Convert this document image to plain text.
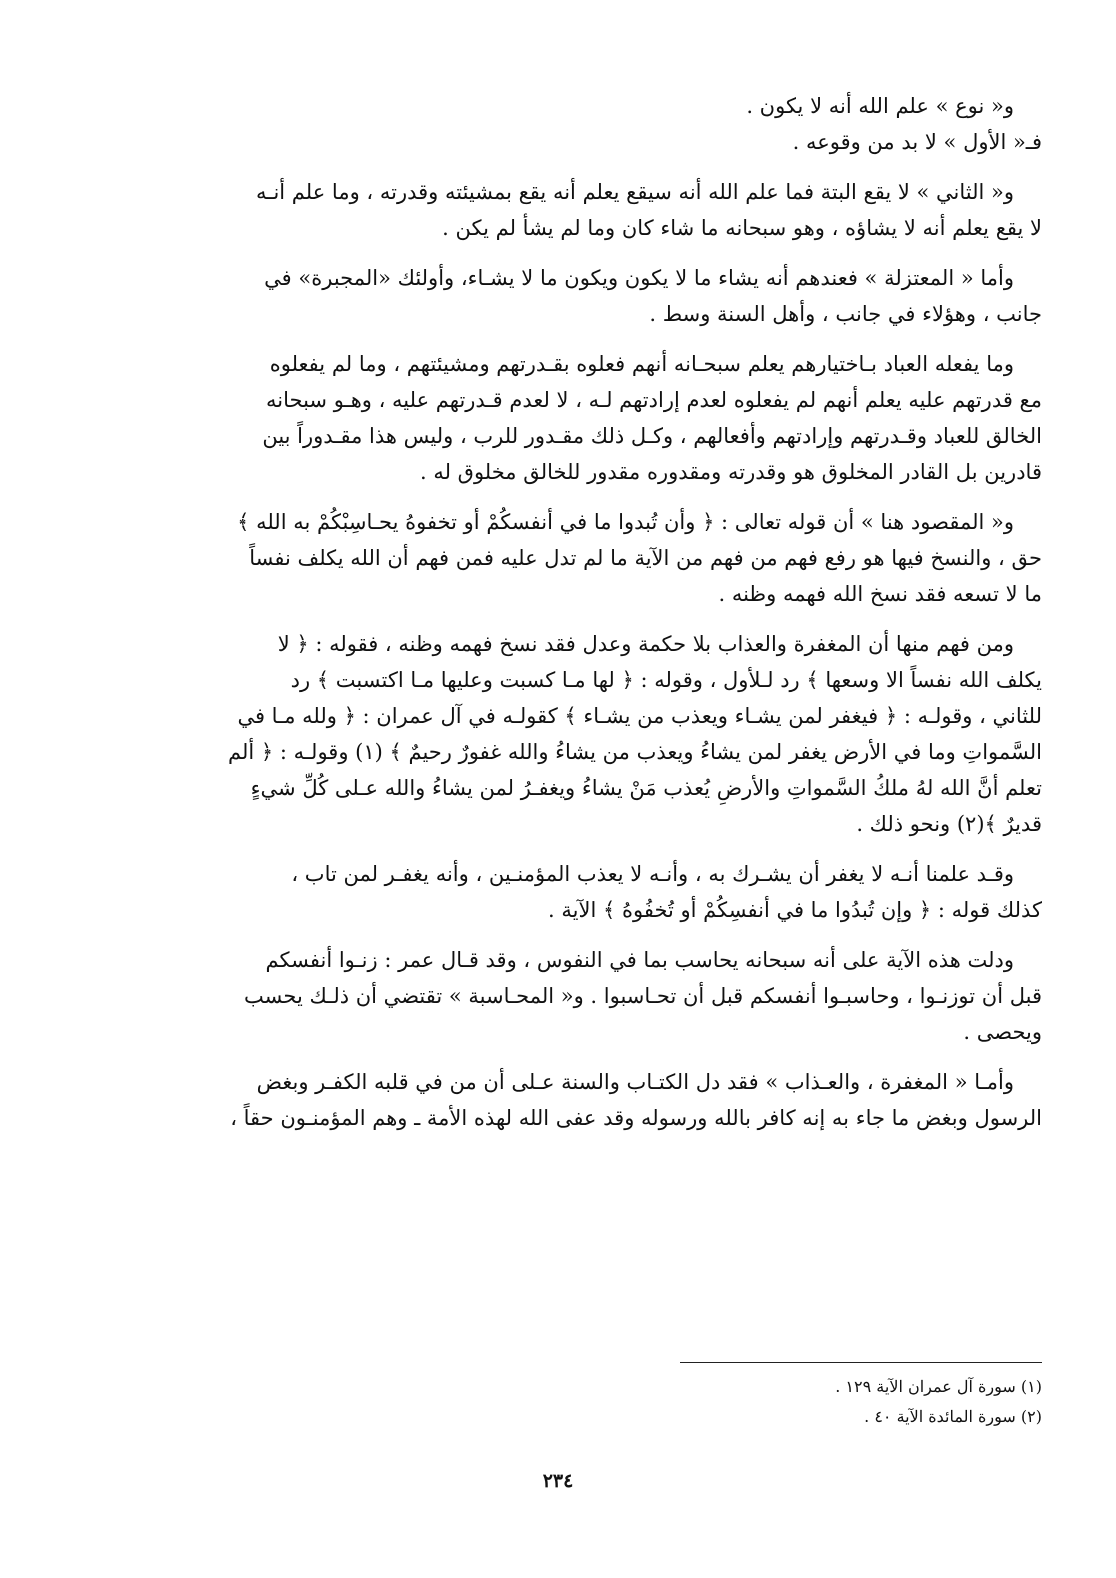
و« نوع » علم الله أنه لا يكون .
فـ« الأول » لا بد من وقوعه .
و« الثاني » لا يقع البتة فما علم الله أنه سيقع يعلم أنه يقع بمشيئته وقدرته ، وما علم أنـه
لا يقع يعلم أنه لا يشاؤه ، وهو سبحانه ما شاء كان وما لم يشأ لم يكن .
وأما « المعتزلة » فعندهم أنه يشاء ما لا يكون ويكون ما لا يشـاء، وأولئك «المجبرة» في
جانب ، وهؤلاء في جانب ، وأهل السنة وسط .
وما يفعله العباد بـاختيارهم يعلم سبحـانه أنهم فعلوه بقـدرتهم ومشيئتهم ، وما لم يفعلوه
مع قدرتهم عليه يعلم أنهم لم يفعلوه لعدم إرادتهم لـه ، لا لعدم قـدرتهم عليه ، وهـو سبحانه
الخالق للعباد وقـدرتهم وإرادتهم وأفعالهم ، وكـل ذلك مقـدور للرب ، وليس هذا مقـدوراً بين
قادرين بل القادر المخلوق هو وقدرته ومقدوره مقدور للخالق مخلوق له .
و« المقصود هنا » أن قوله تعالى : ﴿ وأن تُبدوا ما في أنفسكُمْ أو تخفوهُ يحـاسِبْكُمْ به الله ﴾
حق ، والنسخ فيها هو رفع فهم من فهم من الآية ما لم تدل عليه فمن فهم أن الله يكلف نفساً
ما لا تسعه فقد نسخ الله فهمه وظنه .
ومن فهم منها أن المغفرة والعذاب بلا حكمة وعدل فقد نسخ فهمه وظنه ، فقوله : ﴿ لا
يكلف الله نفساً الا وسعها ﴾ رد لـلأول ، وقوله : ﴿ لها مـا كسبت وعليها مـا اكتسبت ﴾ رد
للثاني ، وقولـه : ﴿ فيغفر لمن يشـاء ويعذب من يشـاء ﴾ كقولـه في آل عمران : ﴿ ولله مـا في
السَّمواتِ وما في الأرض يغفر لمن يشاءُ ويعذب من يشاءُ والله غفورٌ رحيمٌ ﴾ (١) وقولـه : ﴿ ألم
تعلم أنَّ الله لهُ ملكُ السَّمواتِ والأرضِ يُعذب مَنْ يشاءُ ويغفـرُ لمن يشاءُ والله عـلى كُلِّ شيءٍ
قديرٌ ﴾(٢) ونحو ذلك .
وقـد علمنا أنـه لا يغفر أن يشـرك به ، وأنـه لا يعذب المؤمنـين ، وأنه يغفـر لمن تاب ،
كذلك قوله : ﴿ وإن تُبدُوا ما في أنفسِكُمْ أو تُخفُوهُ ﴾ الآية .
ودلت هذه الآية على أنه سبحانه يحاسب بما في النفوس ، وقد قـال عمر : زنـوا أنفسكم
قبل أن توزنـوا ، وحاسبـوا أنفسكم قبل أن تحـاسبوا . و« المحـاسبة » تقتضي أن ذلـك يحسب
ويحصى .
وأمـا « المغفرة ، والعـذاب » فقد دل الكتـاب والسنة عـلى أن من في قلبه الكفـر وبغض
الرسول وبغض ما جاء به إنه كافر بالله ورسوله وقد عفى الله لهذه الأمة ـ وهم المؤمنـون حقاً ،
(١) سورة آل عمران الآية ١٢٩ .
(٢) سورة المائدة الآية ٤٠ .
٢٣٤
